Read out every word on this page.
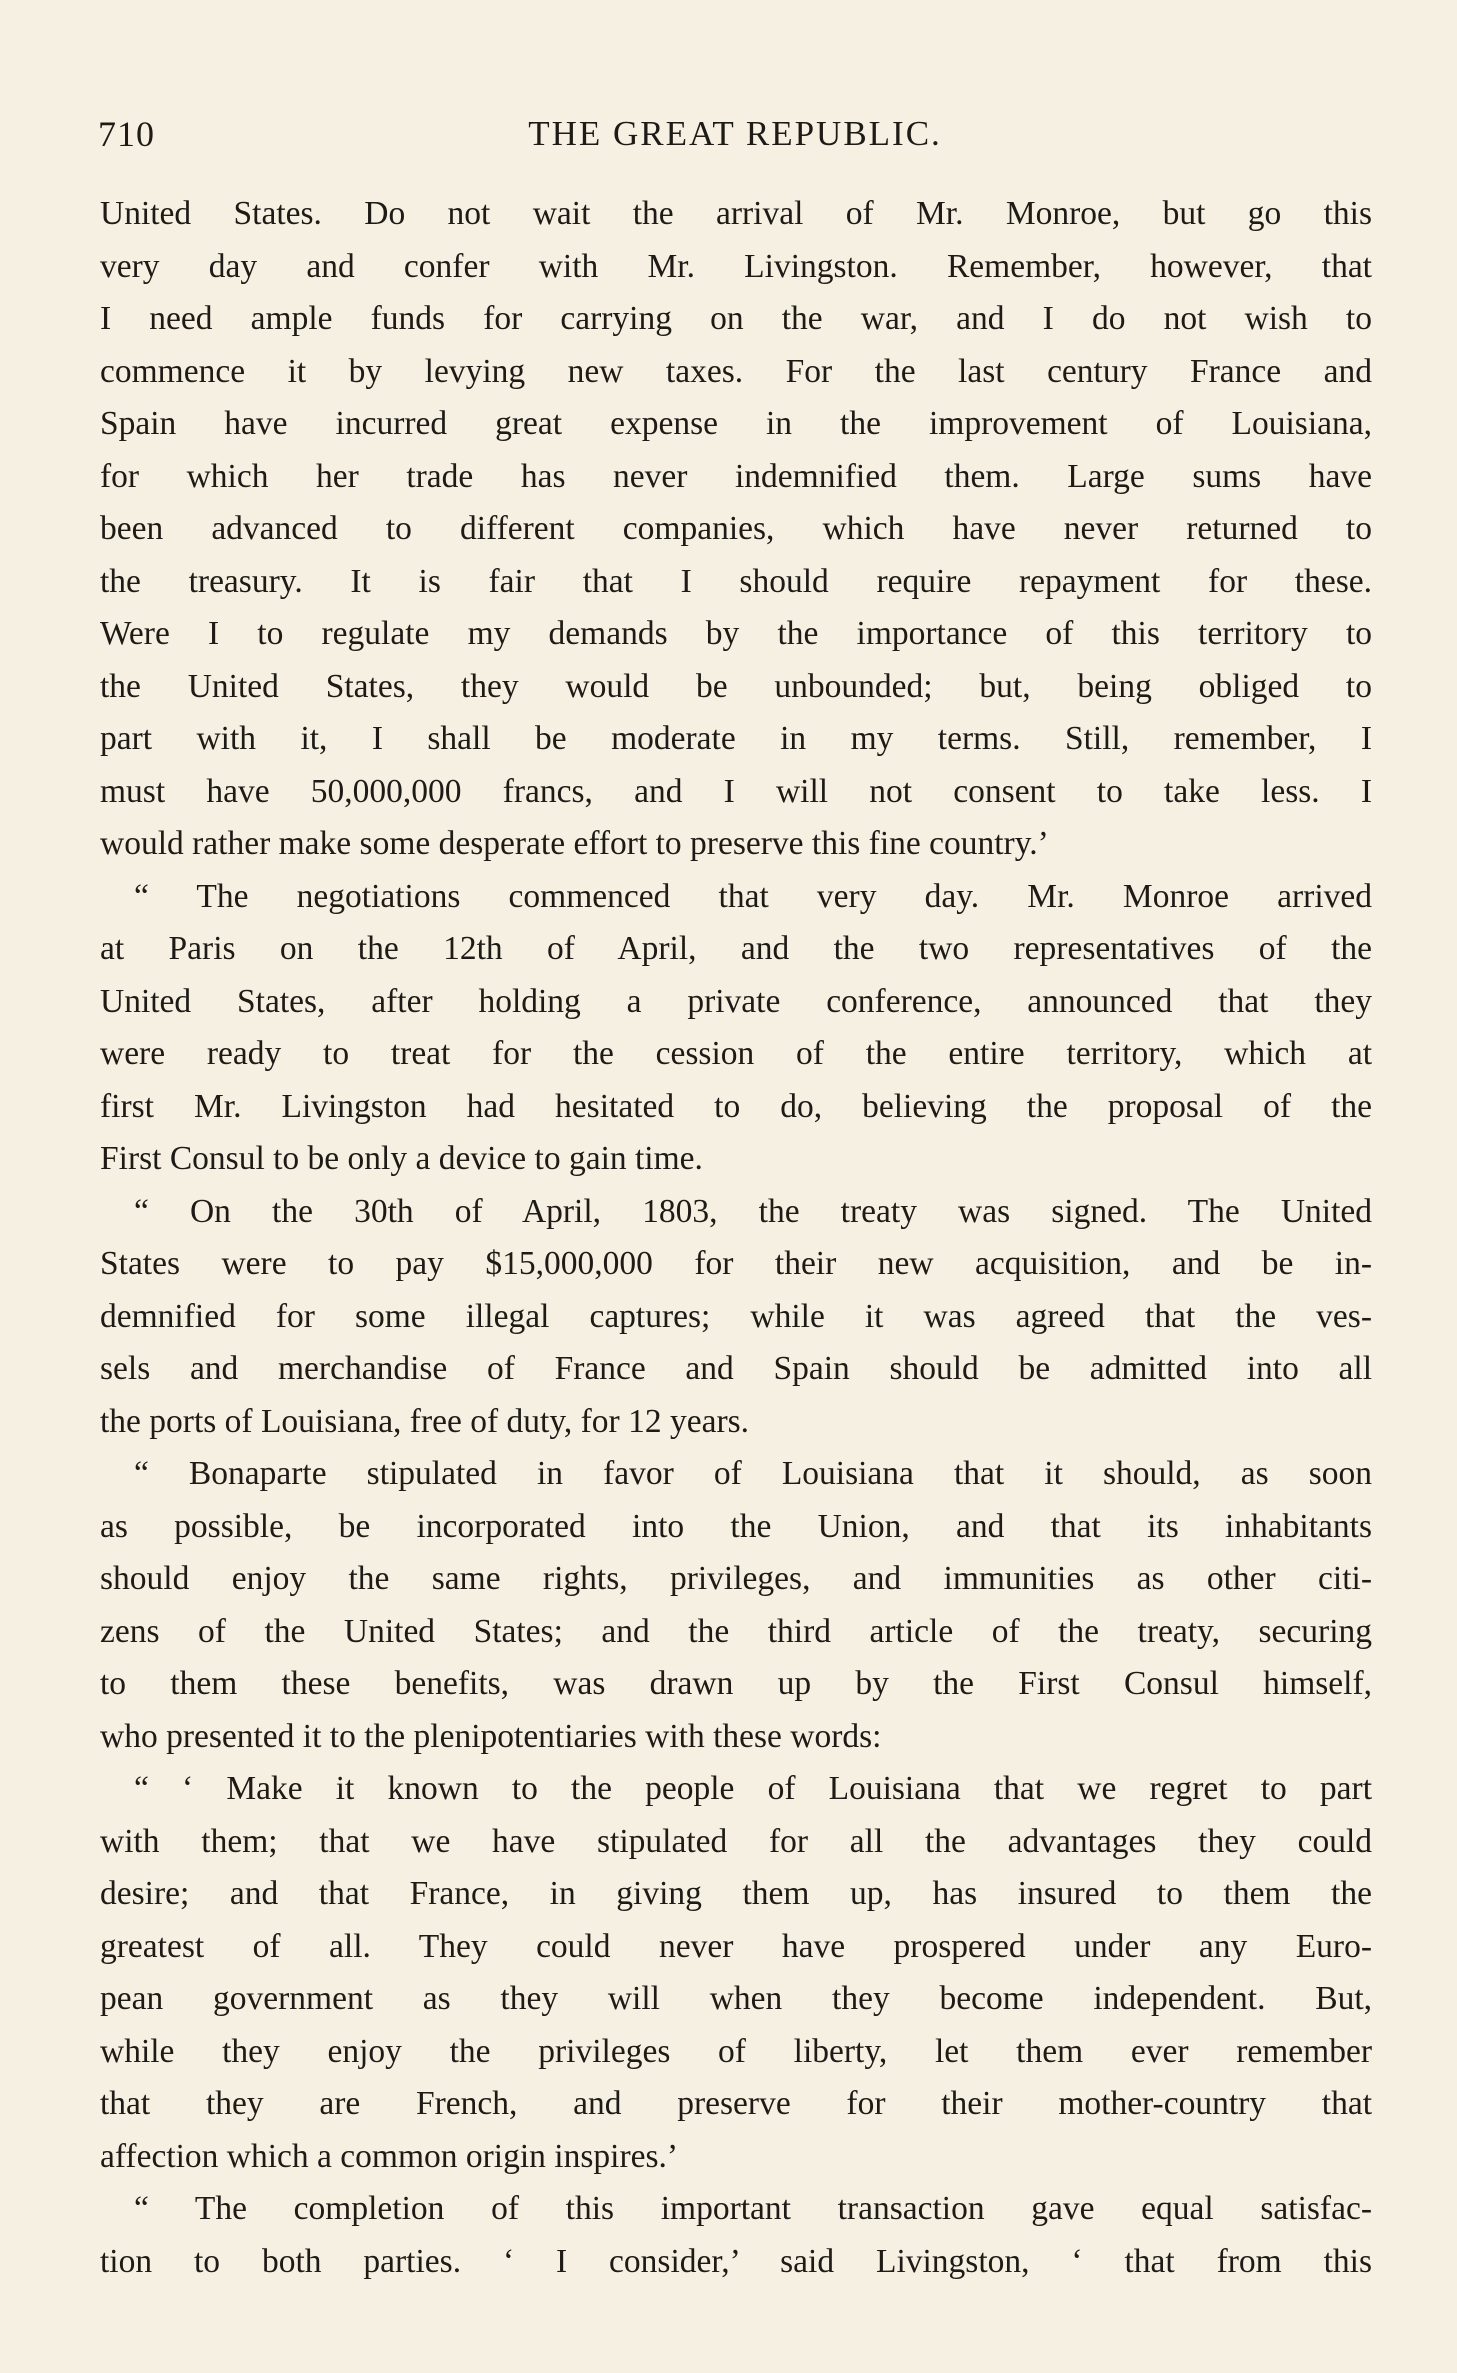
710	THE GREAT REPUBLIC.
United States. Do not wait the arrival of Mr. Monroe, but go this
very day and confer with Mr. Livingston. Remember, however, that
I need ample funds for carrying on the war, and I do not wish to
commence it by levying new taxes. For the last century France and
Spain have incurred great expense in the improvement of Louisiana,
for which her trade has never indemnified them. Large sums have
been advanced to different companies, which have never returned to
the treasury. It is fair that I should require repayment for these.
Were I to regulate my demands by the importance of this territory to
the United States, they would be unbounded; but, being obliged to
part with it, I shall be moderate in my terms. Still, remember, I
must have 50,000,000 francs, and I will not consent to take less. I
would rather make some desperate effort to preserve this fine country.’
“ The negotiations commenced that very day. Mr. Monroe arrived
at Paris on the 12th of April, and the two representatives of the
United States, after holding a private conference, announced that they
were ready to treat for the cession of the entire territory, which at
first Mr. Livingston had hesitated to do, believing the proposal of the
First Consul to be only a device to gain time.
“ On the 30th of April, 1803, the treaty was signed. The United
States were to pay $15,000,000 for their new acquisition, and be in-
demnified for some illegal captures; while it was agreed that the ves-
sels and merchandise of France and Spain should be admitted into all
the ports of Louisiana, free of duty, for 12 years.
“ Bonaparte stipulated in favor of Louisiana that it should, as soon
as possible, be incorporated into the Union, and that its inhabitants
should enjoy the same rights, privileges, and immunities as other citi-
zens of the United States; and the third article of the treaty, securing
to them these benefits, was drawn up by the First Consul himself,
who presented it to the plenipotentiaries with these words:
“ ‘ Make it known to the people of Louisiana that we regret to part
with them; that we have stipulated for all the advantages they could
desire; and that France, in giving them up, has insured to them the
greatest of all. They could never have prospered under any Euro-
pean government as they will when they become independent. But,
while they enjoy the privileges of liberty, let them ever remember
that they are French, and preserve for their mother-country that
affection which a common origin inspires.’
“ The completion of this important transaction gave equal satisfac-
tion to both parties. ‘ I consider,’ said Livingston, ‘ that from this
